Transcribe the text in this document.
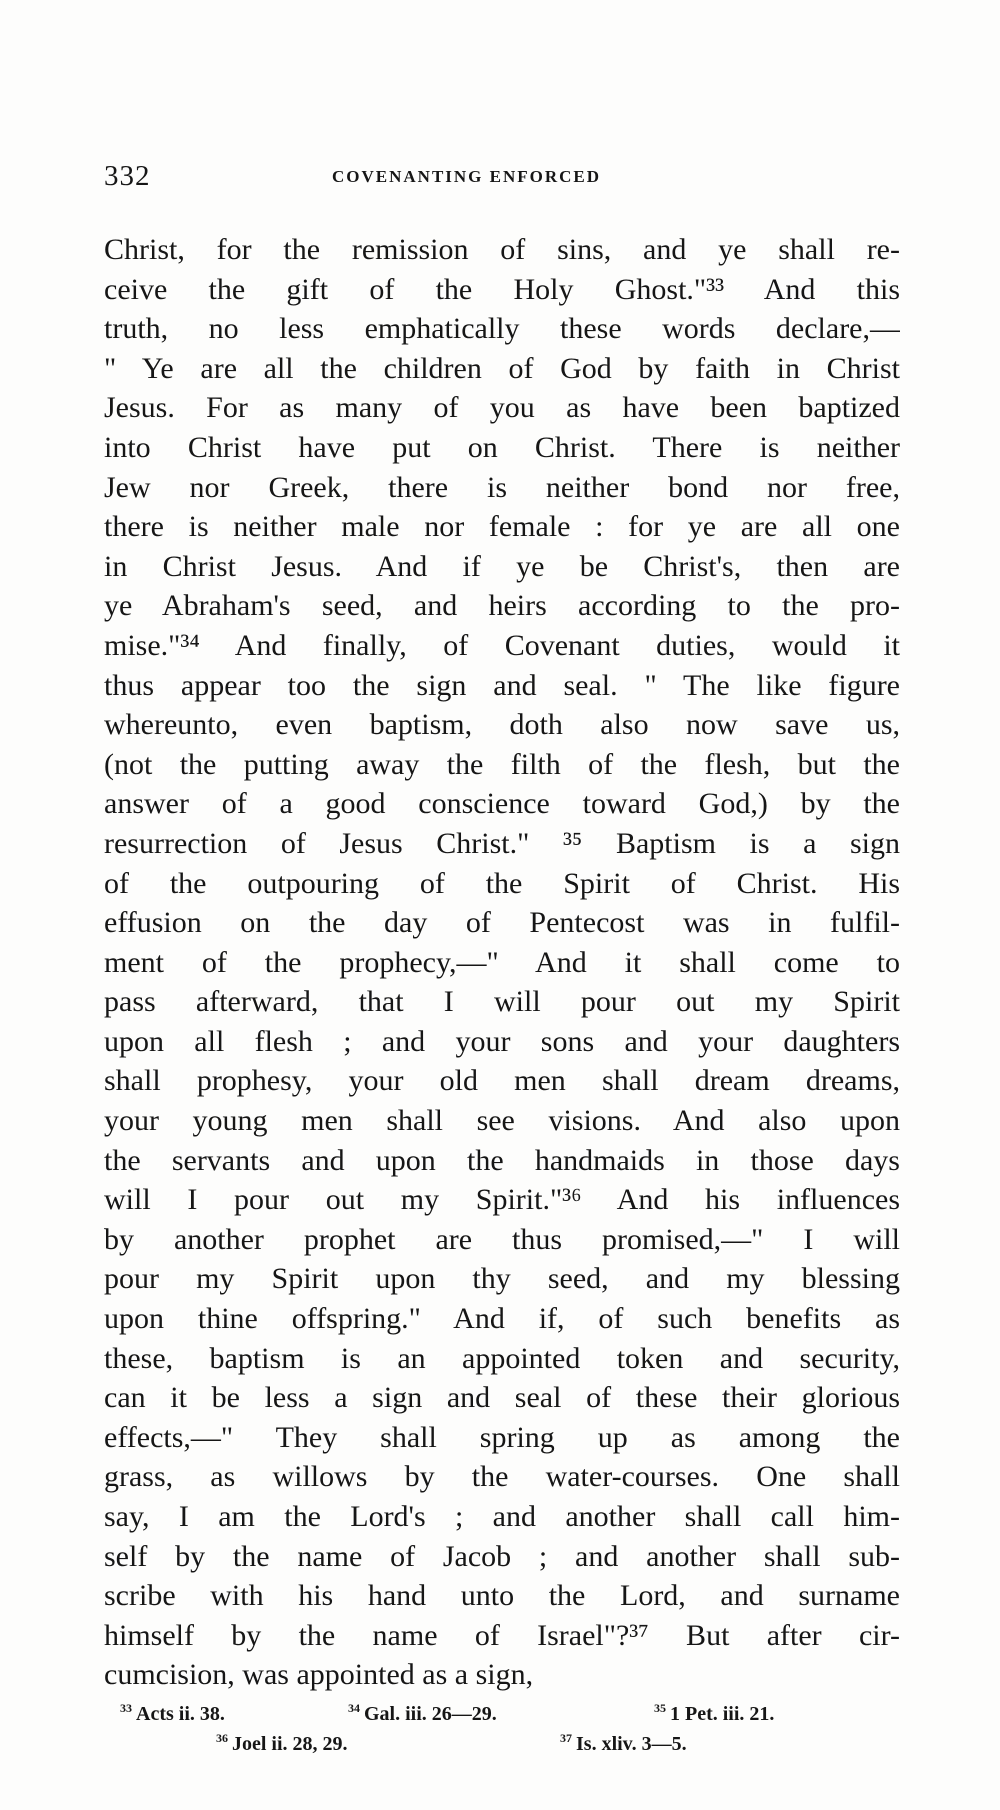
332	COVENANTING ENFORCED
Christ, for the remission of sins, and ye shall re-
ceive the gift of the Holy Ghost."³³ And this
truth, no less emphatically these words declare,—
" Ye are all the children of God by faith in Christ
Jesus. For as many of you as have been baptized
into Christ have put on Christ. There is neither
Jew nor Greek, there is neither bond nor free,
there is neither male nor female : for ye are all one
in Christ Jesus. And if ye be Christ's, then are
ye Abraham's seed, and heirs according to the pro-
mise."³⁴ And finally, of Covenant duties, would it
thus appear too the sign and seal. " The like figure
whereunto, even baptism, doth also now save us,
(not the putting away the filth of the flesh, but the
answer of a good conscience toward God,) by the
resurrection of Jesus Christ." ³⁵ Baptism is a sign
of the outpouring of the Spirit of Christ. His
effusion on the day of Pentecost was in fulfil-
ment of the prophecy,—" And it shall come to
pass afterward, that I will pour out my Spirit
upon all flesh ; and your sons and your daughters
shall prophesy, your old men shall dream dreams,
your young men shall see visions. And also upon
the servants and upon the handmaids in those days
will I pour out my Spirit."³⁶ And his influences
by another prophet are thus promised,—" I will
pour my Spirit upon thy seed, and my blessing
upon thine offspring." And if, of such benefits as
these, baptism is an appointed token and security,
can it be less a sign and seal of these their glorious
effects,—" They shall spring up as among the
grass, as willows by the water-courses. One shall
say, I am the Lord's ; and another shall call him-
self by the name of Jacob ; and another shall sub-
scribe with his hand unto the Lord, and surname
himself by the name of Israel"?³⁷ But after cir-
cumcision, was appointed as a sign,
$^{33}$ Acts ii. 38.	$^{34}$ Gal. iii. 26—29.	$^{35}$ 1 Pet. iii. 21.
$^{36}$ Joel ii. 28, 29.	$^{37}$ Is. xliv. 3—5.
